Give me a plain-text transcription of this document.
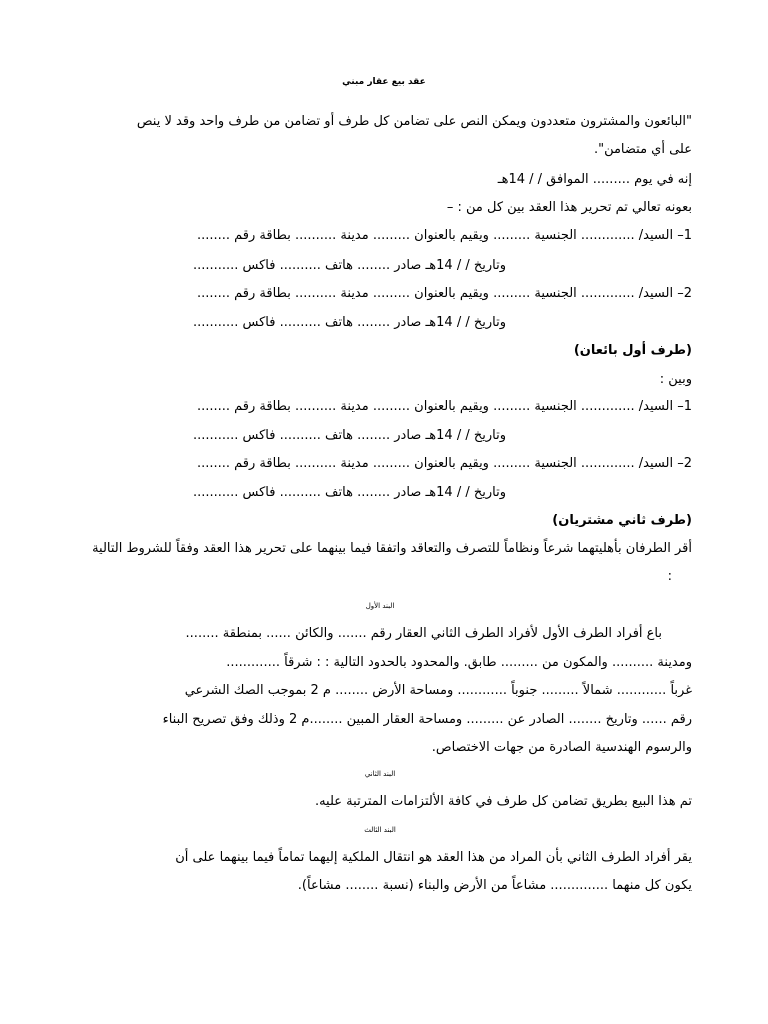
عقد بيع عقار مبني
"البائعون والمشترون متعددون ويمكن النص على تضامن كل طرف أو تضامن من طرف واحد وقد لا ينص
على أي متضامن".
إنه في يوم ......... الموافق / / 14هـ
بعونه تعالي تم تحرير هذا العقد بين كل من : –
1– السيد/ ............. الجنسية ......... ويقيم بالعنوان ......... مدينة .......... بطاقة رقم ........
وتاريخ / / 14هـ صادر ........ هاتف .......... فاكس ...........
2– السيد/ ............. الجنسية ......... ويقيم بالعنوان ......... مدينة .......... بطاقة رقم ........
وتاريخ / / 14هـ صادر ........ هاتف .......... فاكس ...........
(طرف أول بائعان)
وبين :
1– السيد/ ............. الجنسية ......... ويقيم بالعنوان ......... مدينة .......... بطاقة رقم ........
وتاريخ / / 14هـ صادر ........ هاتف .......... فاكس ...........
2– السيد/ ............. الجنسية ......... ويقيم بالعنوان ......... مدينة .......... بطاقة رقم ........
وتاريخ / / 14هـ صادر ........ هاتف .......... فاكس ...........
(طرف ثاني مشتريان)
أقر الطرفان بأهليتهما شرعاً ونظاماً للتصرف والتعاقد واتفقا فيما بينهما على تحرير هذا العقد وفقاً للشروط التالية
:
البند الأول
باع أفراد الطرف الأول لأفراد الطرف الثاني العقار رقم ....... والكائن ...... بمنطقة ........
ومدينة .......... والمكون من ......... طابق. والمحدود بالحدود التالية : : شرقاً .............
غرباً ............ شمالاً ......... جنوباً ............ ومساحة الأرض ........ م 2 بموجب الصك الشرعي
رقم ...... وتاريخ ........ الصادر عن ......... ومساحة العقار المبين ........م 2 وذلك وفق تصريح البناء
والرسوم الهندسية الصادرة من جهات الاختصاص.
البند الثاني
تم هذا البيع بطريق تضامن كل طرف في كافة الألتزامات المترتبة عليه.
البند الثالث
يقر أفراد الطرف الثاني بأن المراد من هذا العقد هو انتقال الملكية إليهما تماماً فيما بينهما على أن
يكون كل منهما .............. مشاعاً من الأرض والبناء (نسبة ........ مشاعاً).
